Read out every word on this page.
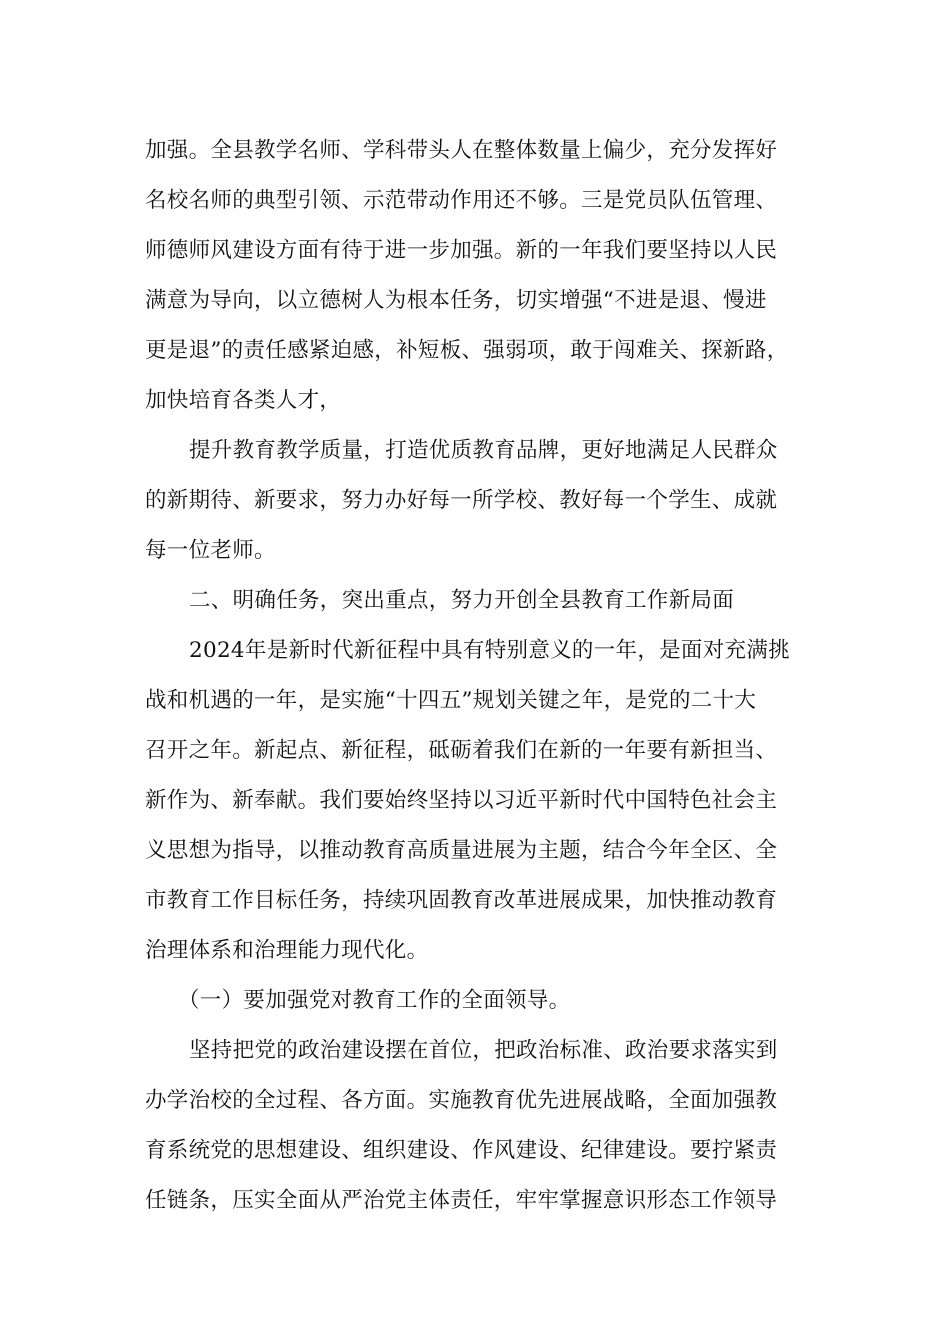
加强。全县教学名师、学科带头人在整体数量上偏少，充分发挥好
名校名师的典型引领、示范带动作用还不够。三是党员队伍管理、
师德师风建设方面有待于进一步加强。新的一年我们要坚持以人民
满意为导向，以立德树人为根本任务，切实增强“不进是退、慢进
更是退”的责任感紧迫感，补短板、强弱项，敢于闯难关、探新路，
加快培育各类人才，
提升教育教学质量，打造优质教育品牌，更好地满足人民群众
的新期待、新要求，努力办好每一所学校、教好每一个学生、成就
每一位老师。
二、明确任务，突出重点，努力开创全县教育工作新局面
2024年是新时代新征程中具有特别意义的一年，是面对充满挑
战和机遇的一年，是实施“十四五”规划关键之年，是党的二十大
召开之年。新起点、新征程，砥砺着我们在新的一年要有新担当、
新作为、新奉献。我们要始终坚持以习近平新时代中国特色社会主
义思想为指导，以推动教育高质量进展为主题，结合今年全区、全
市教育工作目标任务，持续巩固教育改革进展成果，加快推动教育
治理体系和治理能力现代化。
（一）要加强党对教育工作的全面领导。
坚持把党的政治建设摆在首位，把政治标准、政治要求落实到
办学治校的全过程、各方面。实施教育优先进展战略，全面加强教
育系统党的思想建设、组织建设、作风建设、纪律建设。要拧紧责
任链条，压实全面从严治党主体责任，牢牢掌握意识形态工作领导
